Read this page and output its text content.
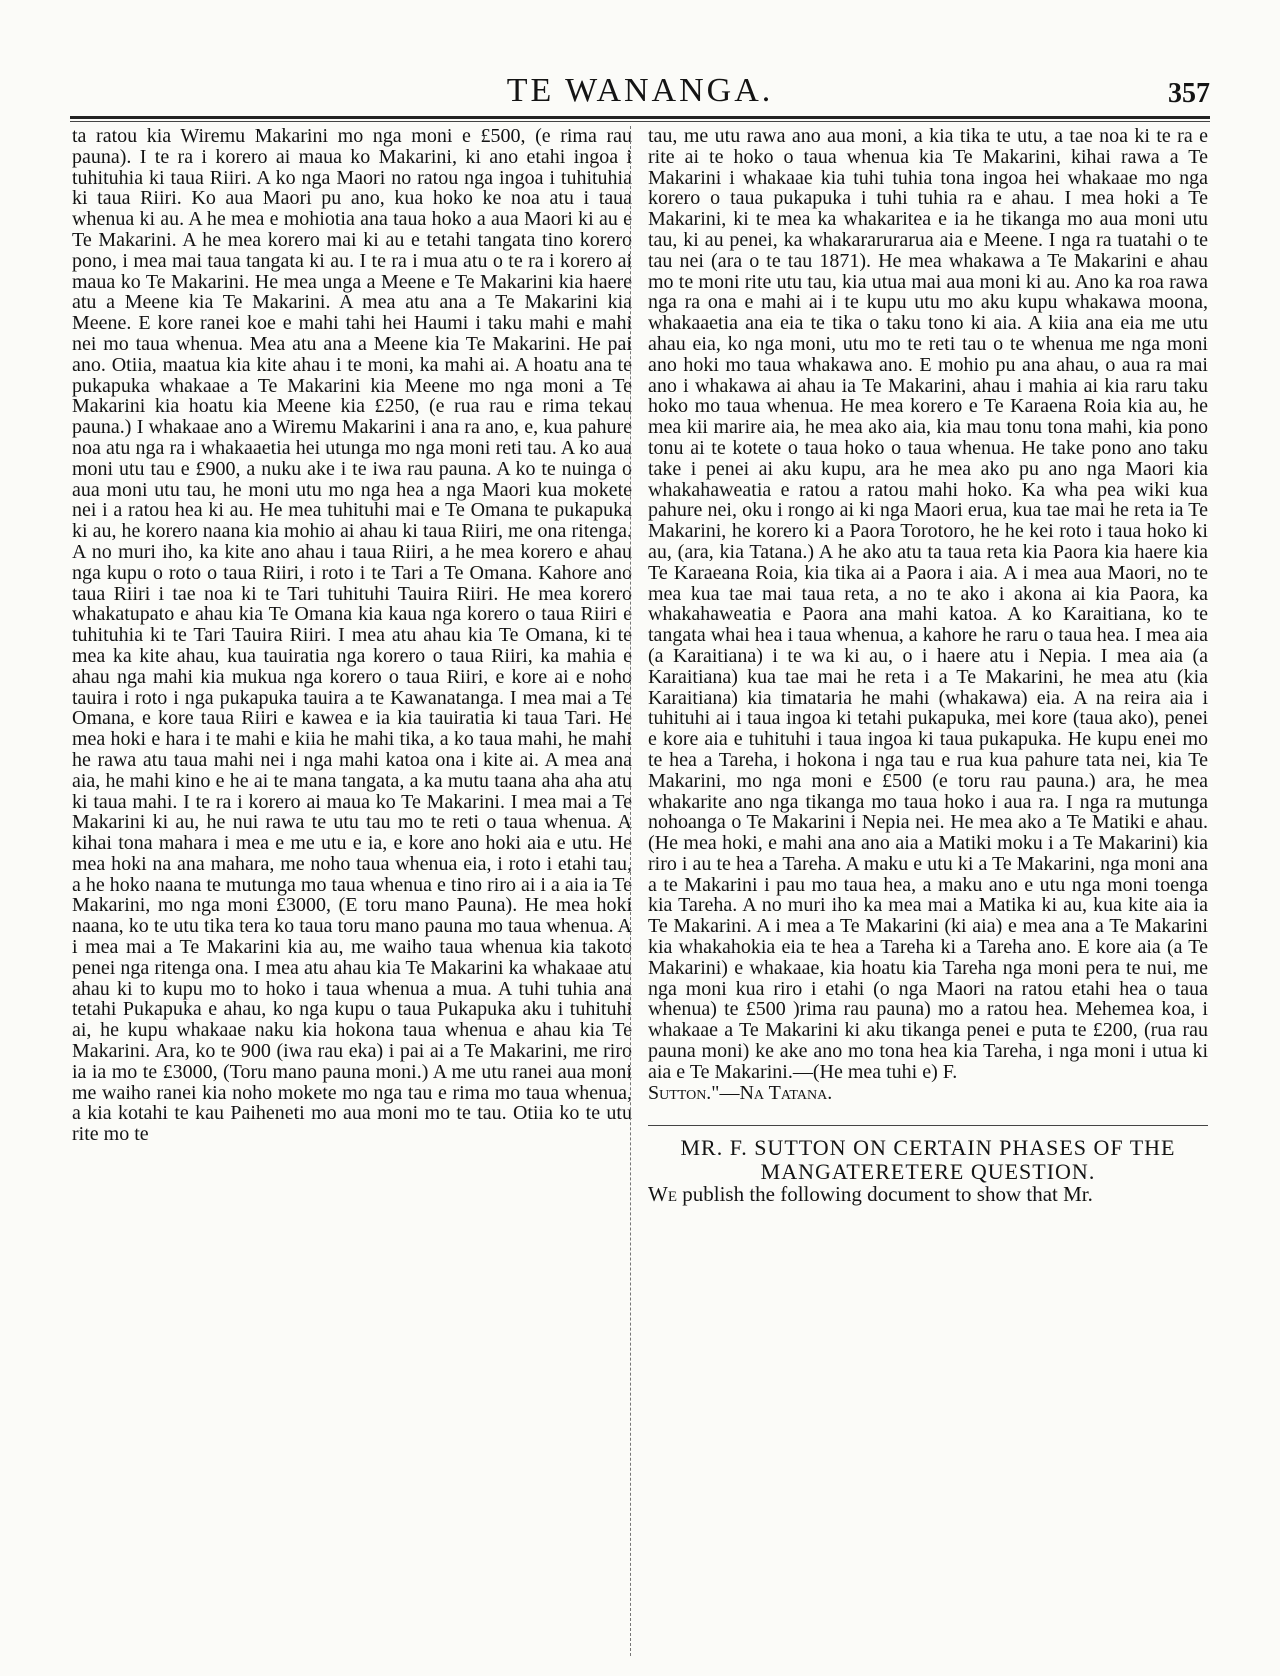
TE WANANGA.	357

ta ratou kia Wiremu Makarini mo nga moni e £500, (e rima rau pauna). I te ra i korero ai maua ko Makarini, ki ano etahi ingoa i tuhituhia ki taua Riiri. A ko nga Maori no ratou nga ingoa i tuhituhia ki taua Riiri. Ko aua Maori pu ano, kua hoko ke noa atu i taua whenua ki au. A he mea e mohiotia ana taua hoko a aua Maori ki au e Te Makarini. A he mea korero mai ki au e tetahi tangata tino korero pono, i mea mai taua tangata ki au. I te ra i mua atu o te ra i korero ai maua ko Te Makarini. He mea unga a Meene e Te Makarini kia haere atu a Meene kia Te Makarini. A mea atu ana a Te Makarini kia Meene. E kore ranei koe e mahi tahi hei Haumi i taku mahi e mahi nei mo taua whenua. Mea atu ana a Meene kia Te Makarini. He pai ano. Otiia, maatua kia kite ahau i te moni, ka mahi ai. A hoatu ana te pukapuka whakaae a Te Makarini kia Meene mo nga moni a Te Makarini kia hoatu kia Meene kia £250, (e rua rau e rima tekau pauna.) I whakaae ano a Wiremu Makarini i ana ra ano, e, kua pahure noa atu nga ra i whakaaetia hei utunga mo nga moni reti tau. A ko aua moni utu tau e £900, a nuku ake i te iwa rau pauna. A ko te nuinga o aua moni utu tau, he moni utu mo nga hea a nga Maori kua mokete nei i a ratou hea ki au. He mea tuhituhi mai e Te Omana te pukapuka ki au, he korero naana kia mohio ai ahau ki taua Riiri, me ona ritenga. A no muri iho, ka kite ano ahau i taua Riiri, a he mea korero e ahau nga kupu o roto o taua Riiri, i roto i te Tari a Te Omana. Kahore ano taua Riiri i tae noa ki te Tari tuhituhi Tauira Riiri. He mea korero whakatupato e ahau kia Te Omana kia kaua nga korero o taua Riiri e tuhituhia ki te Tari Tauira Riiri. I mea atu ahau kia Te Omana, ki te mea ka kite ahau, kua tauiratia nga korero o taua Riiri, ka mahia e ahau nga mahi kia mukua nga korero o taua Riiri, e kore ai e noho tauira i roto i nga pukapuka tauira a te Kawanatanga. I mea mai a Te Omana, e kore taua Riiri e kawea e ia kia tauiratia ki taua Tari. He mea hoki e hara i te mahi e kiia he mahi tika, a ko taua mahi, he mahi he rawa atu taua mahi nei i nga mahi katoa ona i kite ai. A mea ana aia, he mahi kino e he ai te mana tangata, a ka mutu taana aha aha atu ki taua mahi. I te ra i korero ai maua ko Te Makarini. I mea mai a Te Makarini ki au, he nui rawa te utu tau mo te reti o taua whenua. A kihai tona mahara i mea e me utu e ia, e kore ano hoki aia e utu. He mea hoki na ana mahara, me noho taua whenua eia, i roto i etahi tau, a he hoko naana te mutunga mo taua whenua e tino riro ai i a aia ia Te Makarini, mo nga moni £3000, (E toru mano Pauna). He mea hoki naana, ko te utu tika tera ko taua toru mano pauna mo taua whenua. A i mea mai a Te Makarini kia au, me waiho taua whenua kia takoto penei nga ritenga ona. I mea atu ahau kia Te Makarini ka whakaae atu ahau ki to kupu mo to hoko i taua whenua a mua. A tuhi tuhia ana tetahi Pukapuka e ahau, ko nga kupu o taua Pukapuka aku i tuhituhi ai, he kupu whakaae naku kia hokona taua whenua e ahau kia Te Makarini. Ara, ko te 900 (iwa rau eka) i pai ai a Te Makarini, me riro ia ia mo te £3000, (Toru mano pauna moni.) A me utu ranei aua moni me waiho ranei kia noho mokete mo nga tau e rima mo taua whenua, a kia kotahi te kau Paiheneti mo aua moni mo te tau. Otiia ko te utu rite mo te

tau, me utu rawa ano aua moni, a kia tika te utu, a tae noa ki te ra e rite ai te hoko o taua whenua kia Te Makarini, kihai rawa a Te Makarini i whakaae kia tuhi tuhia tona ingoa hei whakaae mo nga korero o taua pukapuka i tuhi tuhia ra e ahau. I mea hoki a Te Makarini, ki te mea ka whakaritea e ia he tikanga mo aua moni utu tau, ki au penei, ka whakararurarua aia e Meene. I nga ra tuatahi o te tau nei (ara o te tau 1871). He mea whakawa a Te Makarini e ahau mo te moni rite utu tau, kia utua mai aua moni ki au. Ano ka roa rawa nga ra ona e mahi ai i te kupu utu mo aku kupu whakawa moona, whakaaetia ana eia te tika o taku tono ki aia. A kiia ana eia me utu ahau eia, ko nga moni, utu mo te reti tau o te whenua me nga moni ano hoki mo taua whakawa ano. E mohio pu ana ahau, o aua ra mai ano i whakawa ai ahau ia Te Makarini, ahau i mahia ai kia raru taku hoko mo taua whenua. He mea korero e Te Karaena Roia kia au, he mea kii marire aia, he mea ako aia, kia mau tonu tona mahi, kia pono tonu ai te kotete o taua hoko o taua whenua. He take pono ano taku take i penei ai aku kupu, ara he mea ako pu ano nga Maori kia whakahaweatia e ratou a ratou mahi hoko. Ka wha pea wiki kua pahure nei, oku i rongo ai ki nga Maori erua, kua tae mai he reta ia Te Makarini, he korero ki a Paora Torotoro, he he kei roto i taua hoko ki au, (ara, kia Tatana.) A he ako atu ta taua reta kia Paora kia haere kia Te Karaeana Roia, kia tika ai a Paora i aia. A i mea aua Maori, no te mea kua tae mai taua reta, a no te ako i akona ai kia Paora, ka whakahaweatia e Paora ana mahi katoa. A ko Karaitiana, ko te tangata whai hea i taua whenua, a kahore he raru o taua hea. I mea aia (a Karaitiana) i te wa ki au, o i haere atu i Nepia. I mea aia (a Karaitiana) kua tae mai he reta i a Te Makarini, he mea atu (kia Karaitiana) kia timataria he mahi (whakawa) eia. A na reira aia i tuhituhi ai i taua ingoa ki tetahi pukapuka, mei kore (taua ako), penei e kore aia e tuhituhi i taua ingoa ki taua pukapuka. He kupu enei mo te hea a Tareha, i hokona i nga tau e rua kua pahure tata nei, kia Te Makarini, mo nga moni e £500 (e toru rau pauna.) ara, he mea whakarite ano nga tikanga mo taua hoko i aua ra. I nga ra mutunga nohoanga o Te Makarini i Nepia nei. He mea ako a Te Matiki e ahau. (He mea hoki, e mahi ana ano aia a Matiki moku i a Te Makarini) kia riro i au te hea a Tareha. A maku e utu ki a Te Makarini, nga moni ana a te Makarini i pau mo taua hea, a maku ano e utu nga moni toenga kia Tareha. A no muri iho ka mea mai a Matika ki au, kua kite aia ia Te Makarini. A i mea a Te Makarini (ki aia) e mea ana a Te Makarini kia whakahokia eia te hea a Tareha ki a Tareha ano. E kore aia (a Te Makarini) e whakaae, kia hoatu kia Tareha nga moni pera te nui, me nga moni kua riro i etahi (o nga Maori na ratou etahi hea o taua whenua) te £500 )rima rau pauna) mo a ratou hea. Mehemea koa, i whakaae a Te Makarini ki aku tikanga penei e puta te £200, (rua rau pauna moni) ke ake ano mo tona hea kia Tareha, i nga moni i utua ki aia e Te Makarini.—(He mea tuhi e) F.

Sutton."—Na Tatana.

MR. F. SUTTON ON CERTAIN PHASES OF THE MANGATERETERE QUESTION.

We publish the following document to show that Mr.
